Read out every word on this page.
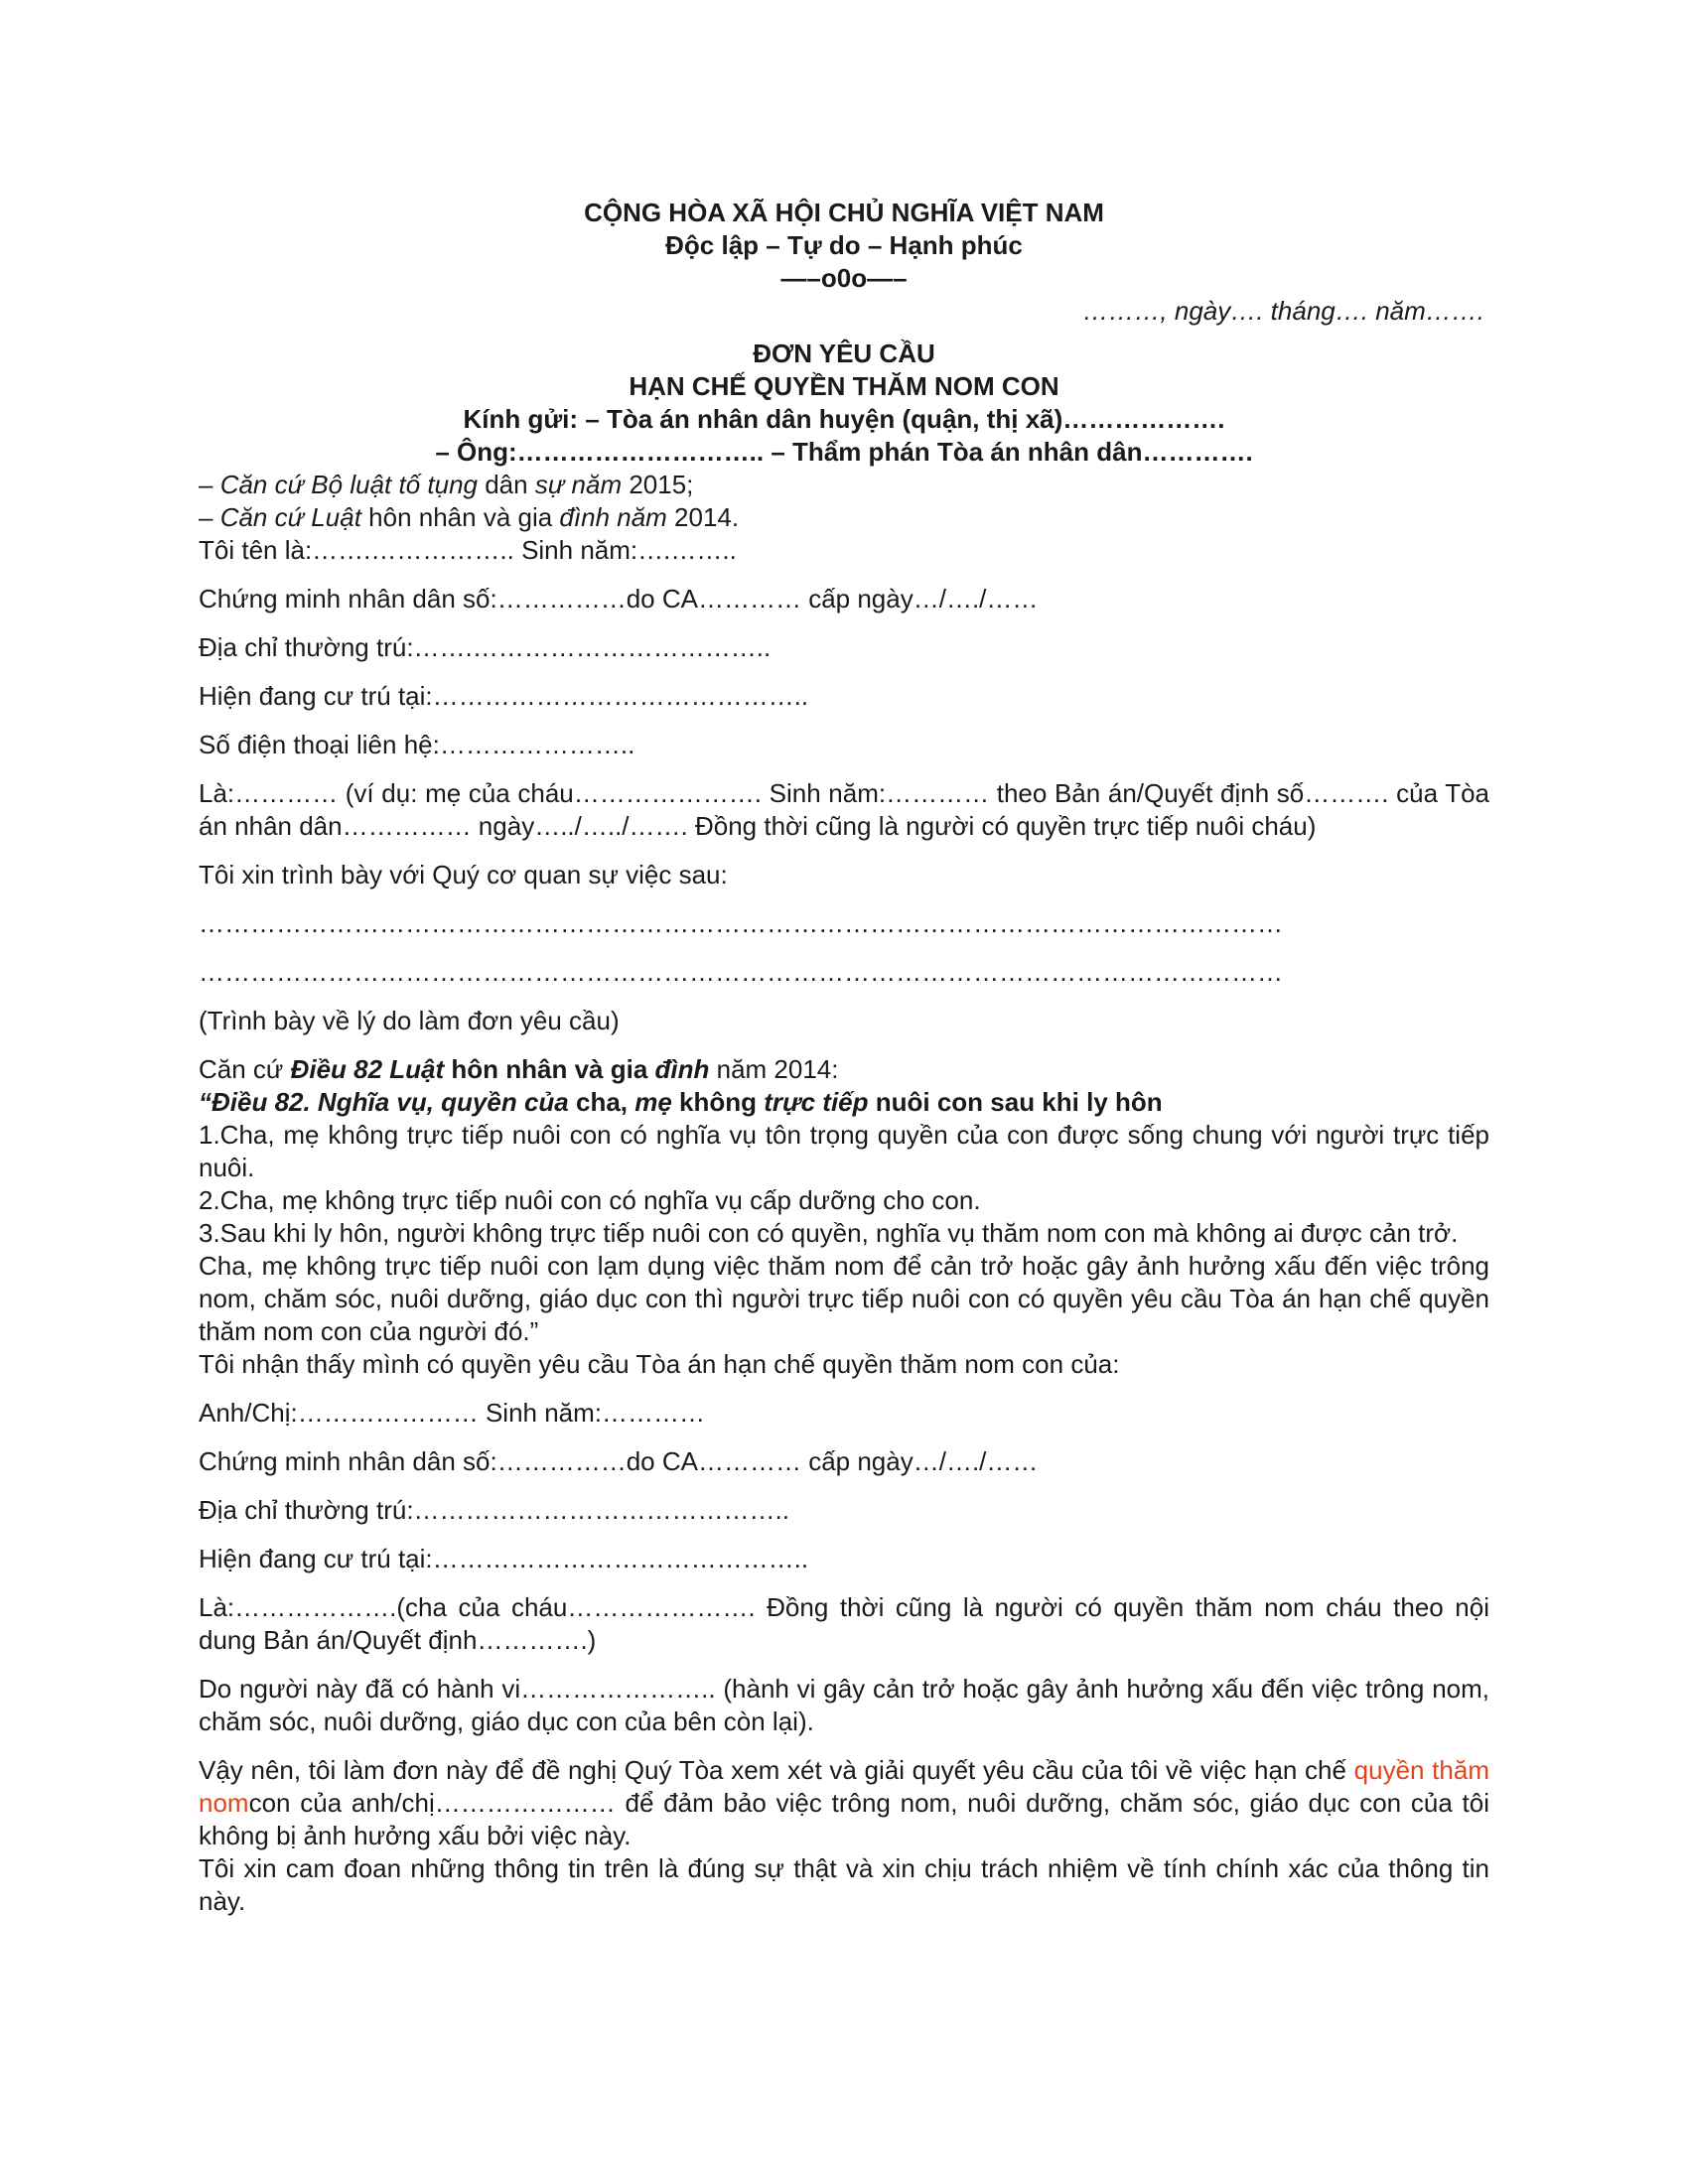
CỘNG HÒA XÃ HỘI CHỦ NGHĨA VIỆT NAM

Độc lập – Tự do – Hạnh phúc

—–o0o—–

………, ngày…. tháng…. năm…….

ĐƠN YÊU CẦU

HẠN CHẾ QUYỀN THĂM NOM CON

Kính gửi: – Tòa án nhân dân huyện (quận, thị xã)……………….

– Ông:……………………….. – Thẩm phán Tòa án nhân dân………….

– Căn cứ Bộ luật tố tụng dân sự năm 2015;

– Căn cứ Luật hôn nhân và gia đình năm 2014.

Tôi tên là:…….…………….. Sinh năm:….……..

Chứng minh nhân dân số:……………do CA………… cấp ngày…/…./……

Địa chỉ thường trú:…….……………………………..

Hiện đang cư trú tại:……………………………………..

Số điện thoại liên hệ:…………………..

Là:………… (ví dụ: mẹ của cháu…………………. Sinh năm:………… theo Bản án/Quyết định số………. của Tòa án nhân dân…………… ngày…../…../……. Đồng thời cũng là người có quyền trực tiếp nuôi cháu)

Tôi xin trình bày với Quý cơ quan sự việc sau:

………………………………………………………………………………………………………………

………………………………………………………………………………………………………………

(Trình bày về lý do làm đơn yêu cầu)

Căn cứ Điều 82 Luật hôn nhân và gia đình năm 2014:

“Điều 82. Nghĩa vụ, quyền của cha, mẹ không trực tiếp nuôi con sau khi ly hôn

1.Cha, mẹ không trực tiếp nuôi con có nghĩa vụ tôn trọng quyền của con được sống chung với người trực tiếp nuôi.

2.Cha, mẹ không trực tiếp nuôi con có nghĩa vụ cấp dưỡng cho con.

3.Sau khi ly hôn, người không trực tiếp nuôi con có quyền, nghĩa vụ thăm nom con mà không ai được cản trở.

Cha, mẹ không trực tiếp nuôi con lạm dụng việc thăm nom để cản trở hoặc gây ảnh hưởng xấu đến việc trông nom, chăm sóc, nuôi dưỡng, giáo dục con thì người trực tiếp nuôi con có quyền yêu cầu Tòa án hạn chế quyền thăm nom con của người đó.”

Tôi nhận thấy mình có quyền yêu cầu Tòa án hạn chế quyền thăm nom con của:

Anh/Chị:………………… Sinh năm:…………

Chứng minh nhân dân số:……………do CA………… cấp ngày…/…./……

Địa chỉ thường trú:……………………………………..

Hiện đang cư trú tại:……………………………………..

Là:……………….(cha của cháu…………………. Đồng thời cũng là người có quyền thăm nom cháu theo nội dung Bản án/Quyết định………….)

Do người này đã có hành vi………………….. (hành vi gây cản trở hoặc gây ảnh hưởng xấu đến việc trông nom, chăm sóc, nuôi dưỡng, giáo dục con của bên còn lại).

Vậy nên, tôi làm đơn này để đề nghị Quý Tòa xem xét và giải quyết yêu cầu của tôi về việc hạn chế quyền thăm nomcon của anh/chị………………… để đảm bảo việc trông nom, nuôi dưỡng, chăm sóc, giáo dục con của tôi không bị ảnh hưởng xấu bởi việc này.

Tôi xin cam đoan những thông tin trên là đúng sự thật và xin chịu trách nhiệm về tính chính xác của thông tin này.
